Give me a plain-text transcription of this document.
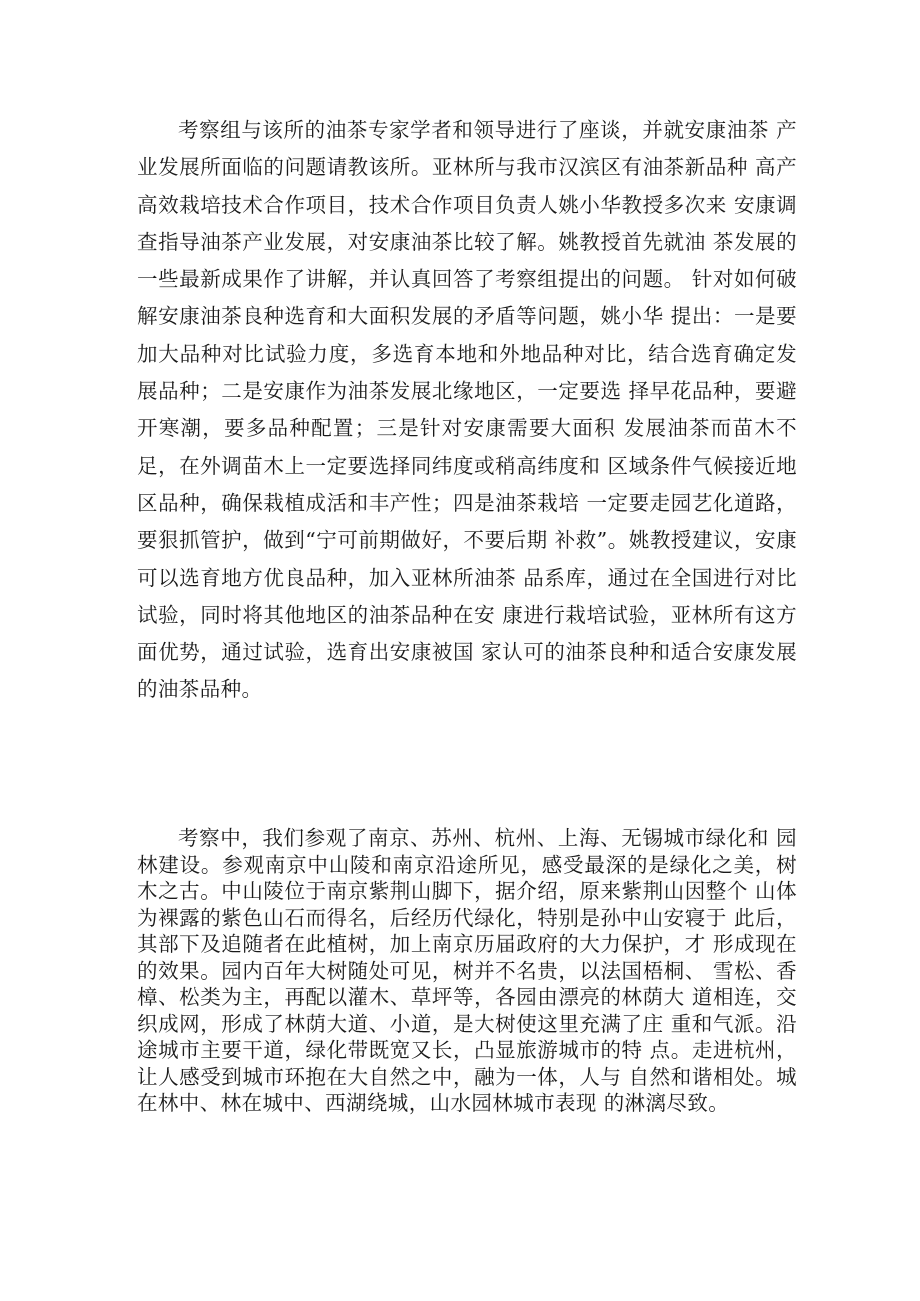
考察组与该所的油茶专家学者和领导进行了座谈，并就安康油茶 产业发展所面临的问题请教该所。亚林所与我市汉滨区有油茶新品种 高产高效栽培技术合作项目，技术合作项目负责人姚小华教授多次来 安康调查指导油茶产业发展，对安康油茶比较了解。姚教授首先就油 茶发展的一些最新成果作了讲解，并认真回答了考察组提出的问题。 针对如何破解安康油茶良种选育和大面积发展的矛盾等问题，姚小华 提出：一是要加大品种对比试验力度，多选育本地和外地品种对比，结合选育确定发展品种；二是安康作为油茶发展北缘地区，一定要选 择早花品种，要避开寒潮，要多品种配置；三是针对安康需要大面积 发展油茶而苗木不足，在外调苗木上一定要选择同纬度或稍高纬度和 区域条件气候接近地区品种，确保栽植成活和丰产性；四是油茶栽培 一定要走园艺化道路，要狠抓管护，做到“宁可前期做好，不要后期 补救”。姚教授建议，安康可以选育地方优良品种，加入亚林所油茶 品系库，通过在全国进行对比试验，同时将其他地区的油茶品种在安 康进行栽培试验，亚林所有这方面优势，通过试验，选育出安康被国 家认可的油茶良种和适合安康发展的油茶品种。

考察中，我们参观了南京、苏州、杭州、上海、无锡城市绿化和 园林建设。参观南京中山陵和南京沿途所见，感受最深的是绿化之美，树木之古。中山陵位于南京紫荆山脚下，据介绍，原来紫荆山因整个 山体为裸露的紫色山石而得名，后经历代绿化，特别是孙中山安寝于 此后，其部下及追随者在此植树，加上南京历届政府的大力保护，才 形成现在的效果。园内百年大树随处可见，树并不名贵，以法国梧桐、 雪松、香樟、松类为主，再配以灌木、草坪等，各园由漂亮的林荫大 道相连，交织成网，形成了林荫大道、小道，是大树使这里充满了庄 重和气派。沿途城市主要干道，绿化带既宽又长，凸显旅游城市的特 点。走进杭州，让人感受到城市环抱在大自然之中，融为一体，人与 自然和谐相处。城在林中、林在城中、西湖绕城，山水园林城市表现 的淋漓尽致。
